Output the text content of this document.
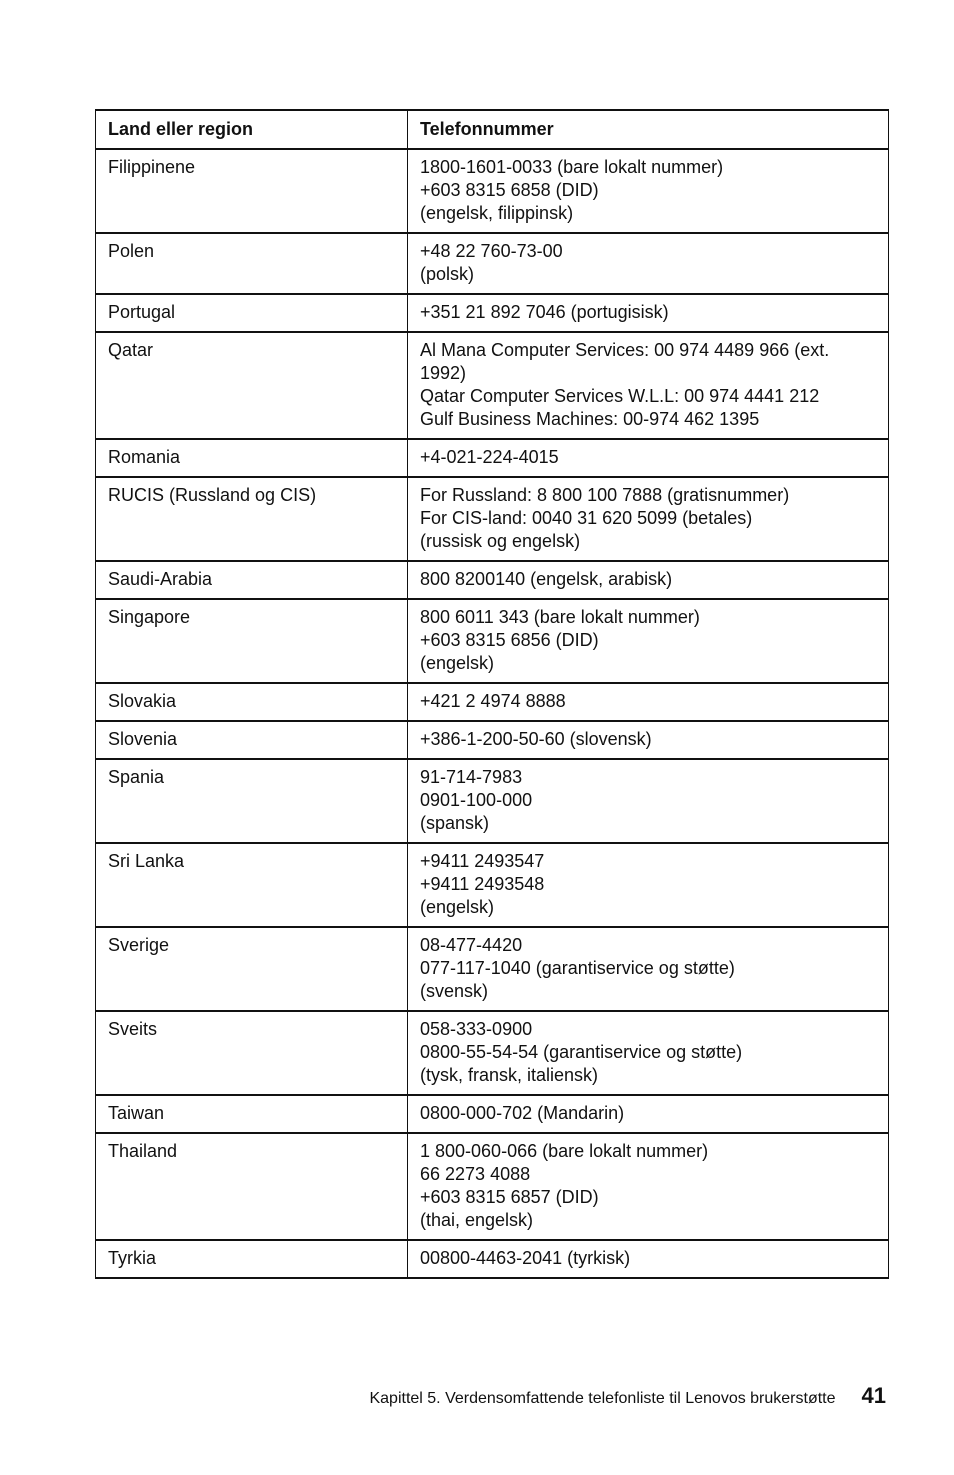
Land eller region	Telefonnummer
Filippinene	1800-1601-0033 (bare lokalt nummer)
+603 8315 6858 (DID)
(engelsk, filippinsk)

Polen	+48 22 760-73-00
(polsk)

Portugal	+351 21 892 7046 (portugisisk)

Qatar	Al Mana Computer Services: 00 974 4489 966 (ext. 1992)
Qatar Computer Services W.L.L: 00 974 4441 212
Gulf Business Machines: 00-974 462 1395

Romania	+4-021-224-4015

RUCIS (Russland og CIS)	For Russland: 8 800 100 7888 (gratisnummer)
For CIS-land: 0040 31 620 5099 (betales)
(russisk og engelsk)

Saudi-Arabia	800 8200140 (engelsk, arabisk)

Singapore	800 6011 343 (bare lokalt nummer)
+603 8315 6856 (DID)
(engelsk)

Slovakia	+421 2 4974 8888

Slovenia	+386-1-200-50-60 (slovensk)

Spania	91-714-7983
0901-100-000
(spansk)

Sri Lanka	+9411 2493547
+9411 2493548
(engelsk)

Sverige	08-477-4420
077-117-1040 (garantiservice og støtte)
(svensk)

Sveits	058-333-0900
0800-55-54-54 (garantiservice og støtte)
(tysk, fransk, italiensk)

Taiwan	0800-000-702 (Mandarin)

Thailand	1 800-060-066 (bare lokalt nummer)
66 2273 4088
+603 8315 6857 (DID)
(thai, engelsk)

Tyrkia	00800-4463-2041 (tyrkisk)
Kapittel 5. Verdensomfattende telefonliste til Lenovos brukerstøtte 41
